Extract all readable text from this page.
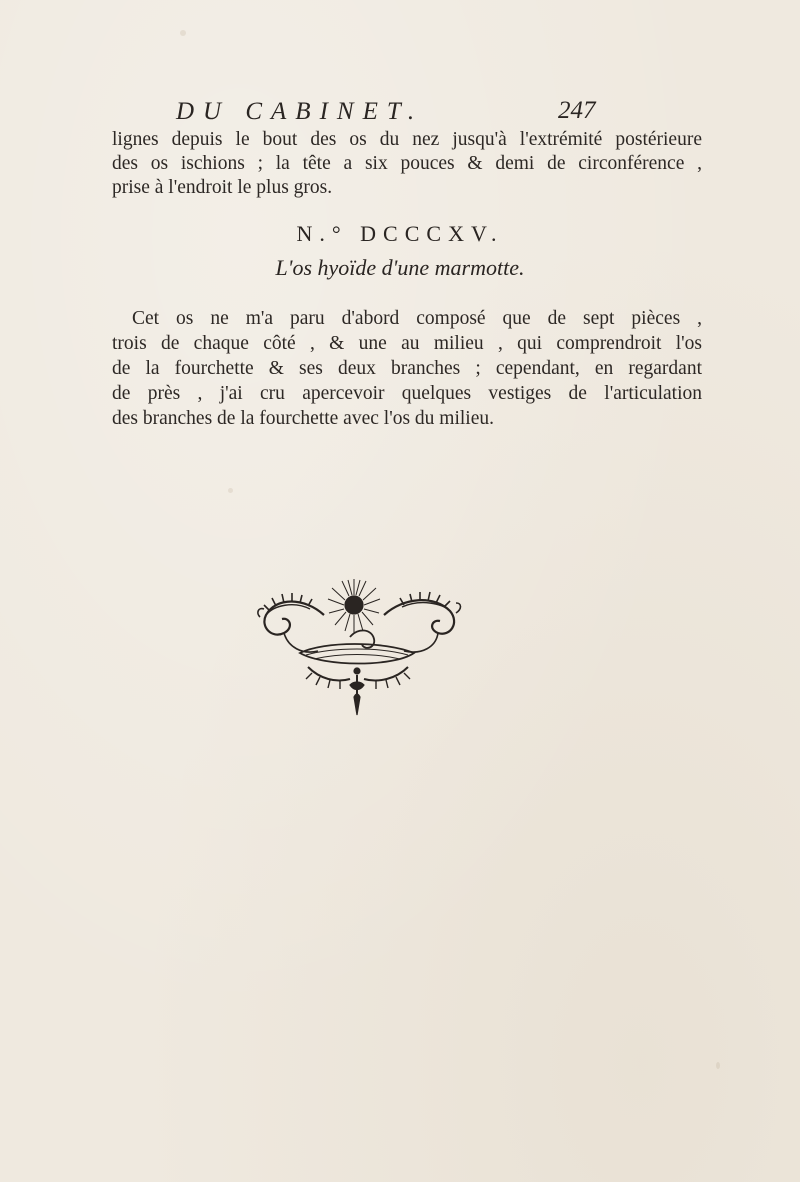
DU CABINET.	247
lignes depuis le bout des os du nez jusqu'à l'extrémité postérieure
des os ischions ; la tête a six pouces & demi de circonférence ,
prise à l'endroit le plus gros.
N.° DCCCXV.
L'os hyoïde d'une marmotte.
Cet os ne m'a paru d'abord composé que de sept pièces ,
trois de chaque côté , & une au milieu , qui comprendroit l'os
de la fourchette & ses deux branches ; cependant, en regardant
de près , j'ai cru apercevoir quelques vestiges de l'articulation
des branches de la fourchette avec l'os du milieu.
